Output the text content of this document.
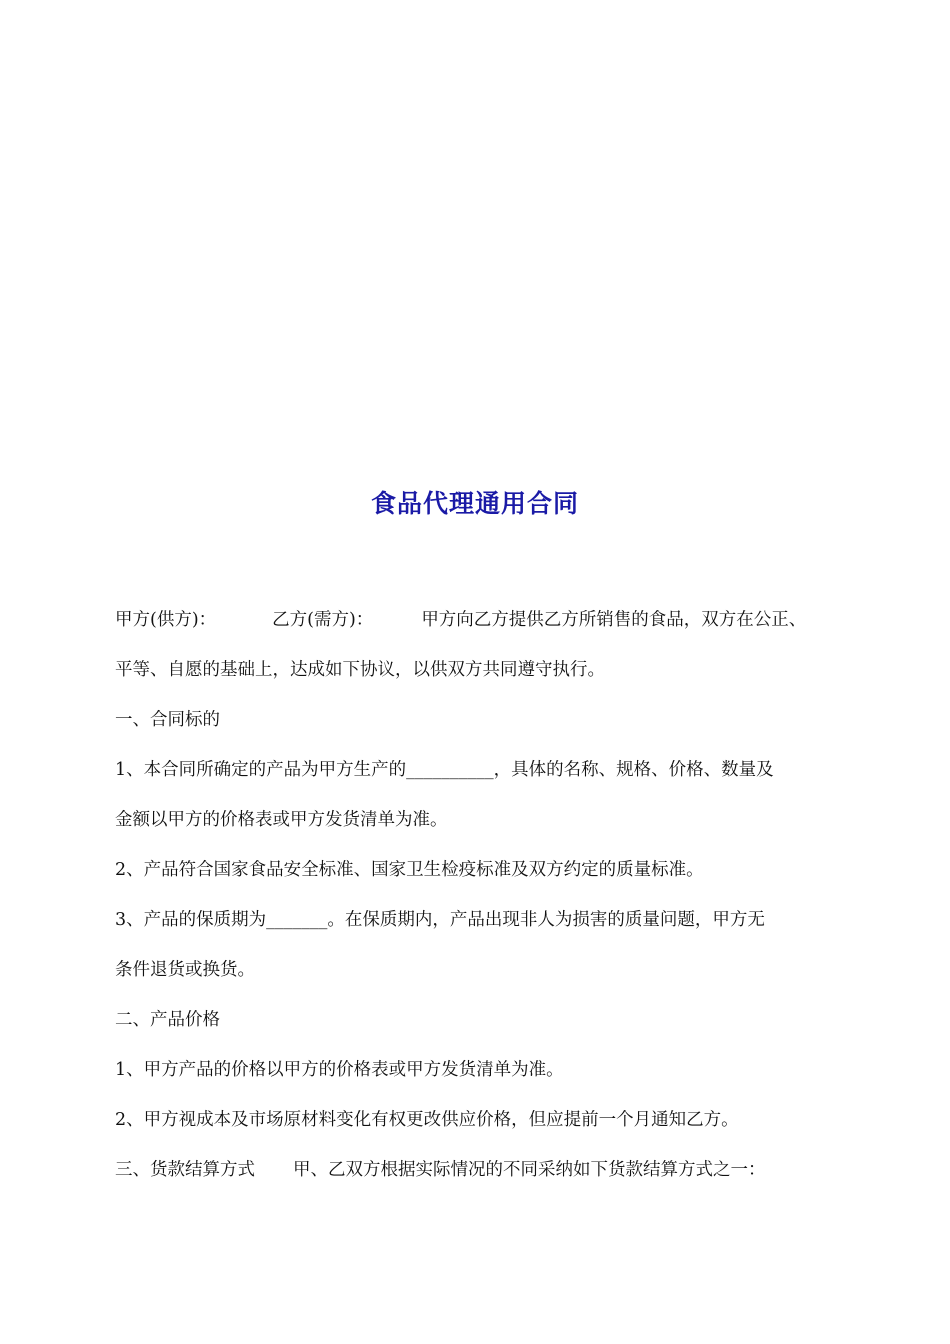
食品代理通用合同
甲方(供方)：	乙方(需方)：	甲方向乙方提供乙方所销售的食品，双方在公正、
平等、自愿的基础上，达成如下协议，以供双方共同遵守执行。
一、合同标的
1、本合同所确定的产品为甲方生产的__________，具体的名称、规格、价格、数量及
金额以甲方的价格表或甲方发货清单为准。
2、产品符合国家食品安全标准、国家卫生检疫标准及双方约定的质量标准。
3、产品的保质期为_______。在保质期内，产品出现非人为损害的质量问题，甲方无
条件退货或换货。
二、产品价格
1、甲方产品的价格以甲方的价格表或甲方发货清单为准。
2、甲方视成本及市场原材料变化有权更改供应价格，但应提前一个月通知乙方。
三、货款结算方式 甲、乙双方根据实际情况的不同采纳如下货款结算方式之一：
